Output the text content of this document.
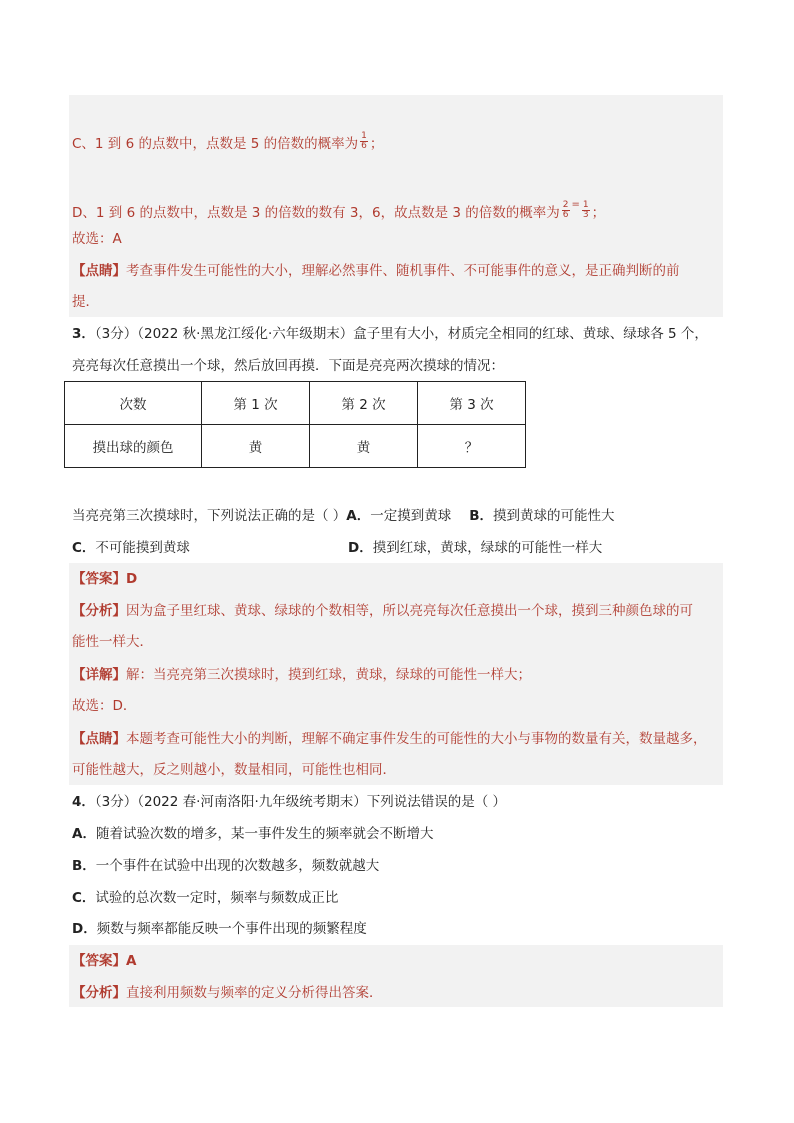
C、1 到 6 的点数中，点数是 5 的倍数的概率为 $\frac{1}{6}$ ；
D、1 到 6 的点数中，点数是 3 的倍数的数有 3，6，故点数是 3 的倍数的概率为 $\frac{2}{6} ^= \frac{1}{3}$ ；
故选：A
【点睛】考查事件发生可能性的大小，理解必然事件、随机事件、不可能事件的意义，是正确判断的前
提．
3．（3分）（2022 秋·黑龙江绥化·六年级期末）盒子里有大小，材质完全相同的红球、黄球、绿球各 5 个，
亮亮每次任意摸出一个球，然后放回再摸．下面是亮亮两次摸球的情况：
次数	第 1 次	第 2 次	第 3 次
摸出球的颜色	黄	黄	？
当亮亮第三次摸球时，下列说法正确的是（ ）A．一定摸到黄球 B．摸到黄球的可能性大
C．不可能摸到黄球	D．摸到红球，黄球，绿球的可能性一样大
【答案】D
【分析】因为盒子里红球、黄球、绿球的个数相等，所以亮亮每次任意摸出一个球，摸到三种颜色球的可
能性一样大．
【详解】解：当亮亮第三次摸球时，摸到红球，黄球，绿球的可能性一样大；
故选：D．
【点睛】本题考查可能性大小的判断，理解不确定事件发生的可能性的大小与事物的数量有关，数量越多，
可能性越大，反之则越小，数量相同，可能性也相同．
4．（3分）（2022 春·河南洛阳·九年级统考期末）下列说法错误的是（ ）
A．随着试验次数的增多，某一事件发生的频率就会不断增大
B．一个事件在试验中出现的次数越多，频数就越大
C．试验的总次数一定时，频率与频数成正比
D．频数与频率都能反映一个事件出现的频繁程度
【答案】A
【分析】直接利用频数与频率的定义分析得出答案．
